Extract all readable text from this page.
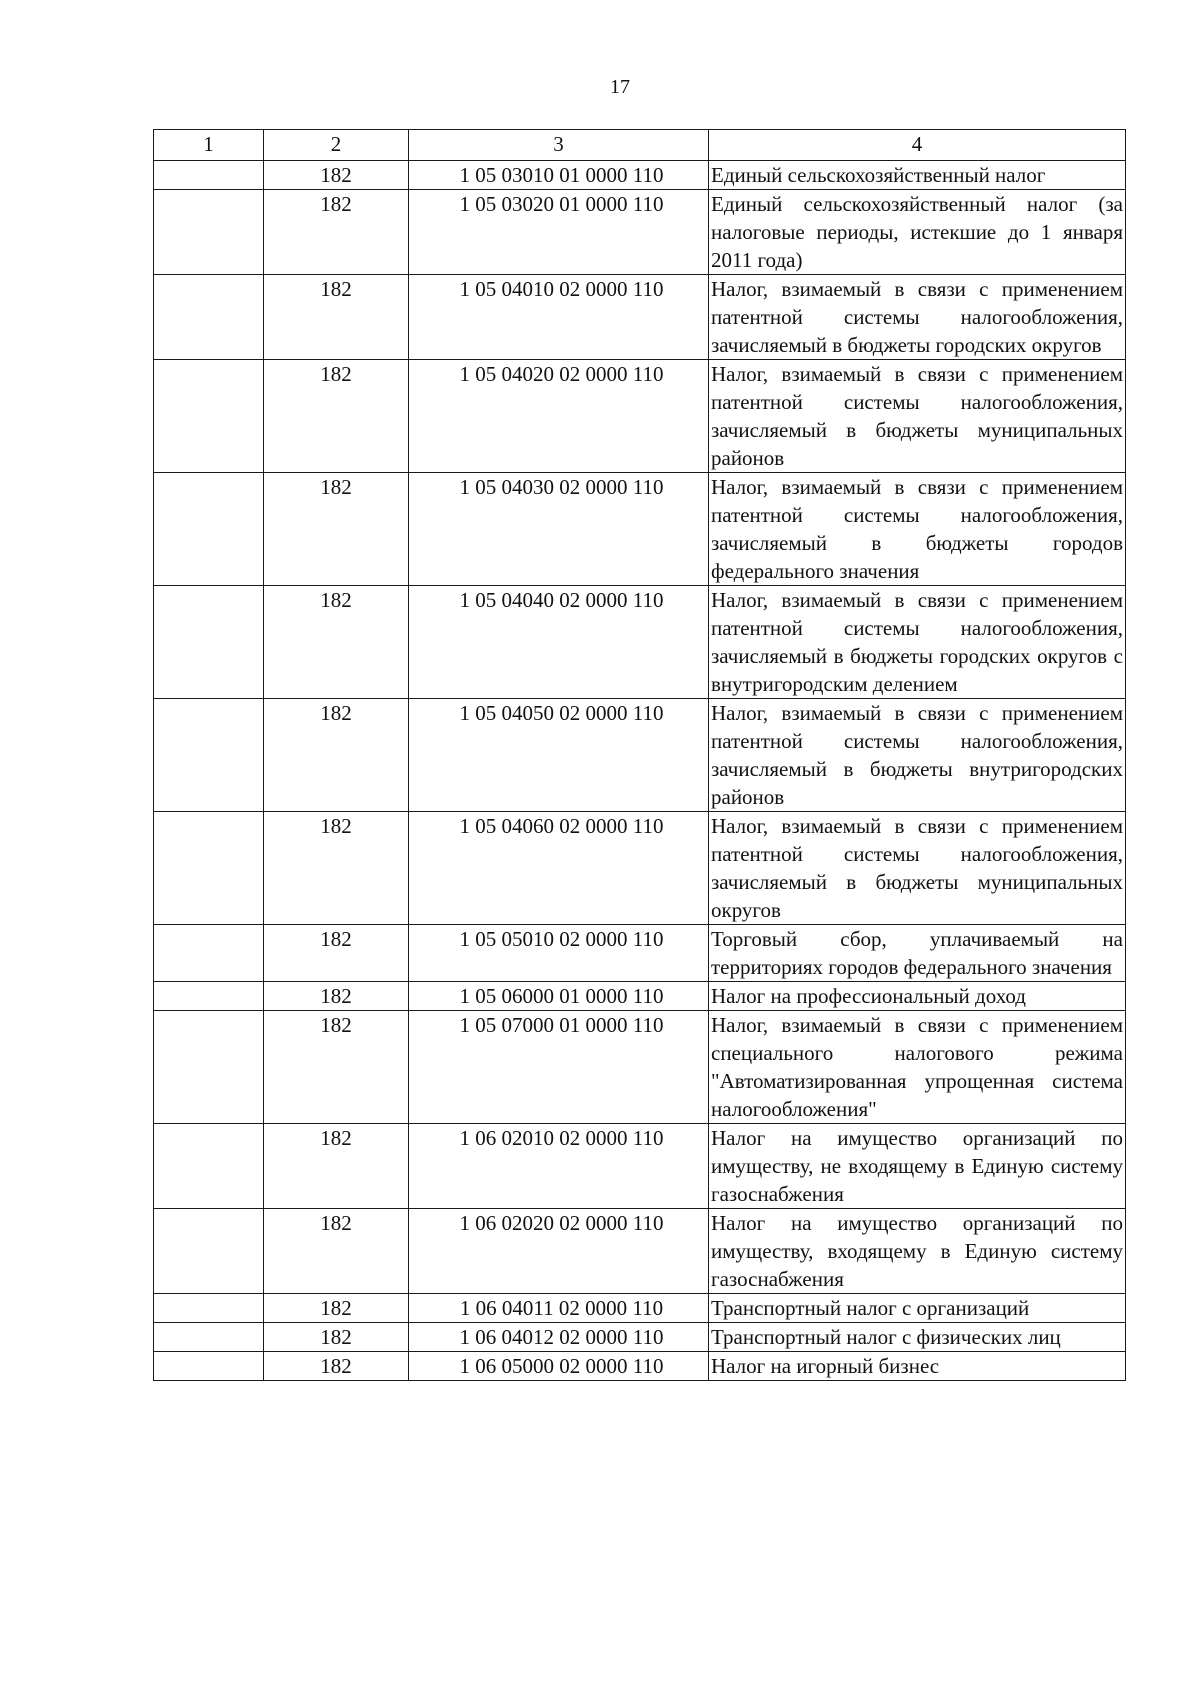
17
1	2	3	4
	182	1 05 03010 01 0000 110	Единый сельскохозяйственный налог
	182	1 05 03020 01 0000 110	Единый сельскохозяйственный налог (за налоговые периоды, истекшие до 1 января 2011 года)
	182	1 05 04010 02 0000 110	Налог, взимаемый в связи с применением патентной системы налогообложения, зачисляемый в бюджеты городских округов
	182	1 05 04020 02 0000 110	Налог, взимаемый в связи с применением патентной системы налогообложения, зачисляемый в бюджеты муниципальных районов
	182	1 05 04030 02 0000 110	Налог, взимаемый в связи с применением патентной системы налогообложения, зачисляемый в бюджеты городов федерального значения
	182	1 05 04040 02 0000 110	Налог, взимаемый в связи с применением патентной системы налогообложения, зачисляемый в бюджеты городских округов с внутригородским делением
	182	1 05 04050 02 0000 110	Налог, взимаемый в связи с применением патентной системы налогообложения, зачисляемый в бюджеты внутригородских районов
	182	1 05 04060 02 0000 110	Налог, взимаемый в связи с применением патентной системы налогообложения, зачисляемый в бюджеты муниципальных округов
	182	1 05 05010 02 0000 110	Торговый сбор, уплачиваемый на территориях городов федерального значения
	182	1 05 06000 01 0000 110	Налог на профессиональный доход
	182	1 05 07000 01 0000 110	Налог, взимаемый в связи с применением специального налогового режима "Автоматизированная упрощенная система налогообложения"
	182	1 06 02010 02 0000 110	Налог на имущество организаций по имуществу, не входящему в Единую систему газоснабжения
	182	1 06 02020 02 0000 110	Налог на имущество организаций по имуществу, входящему в Единую систему газоснабжения
	182	1 06 04011 02 0000 110	Транспортный налог с организаций
	182	1 06 04012 02 0000 110	Транспортный налог с физических лиц
	182	1 06 05000 02 0000 110	Налог на игорный бизнес
